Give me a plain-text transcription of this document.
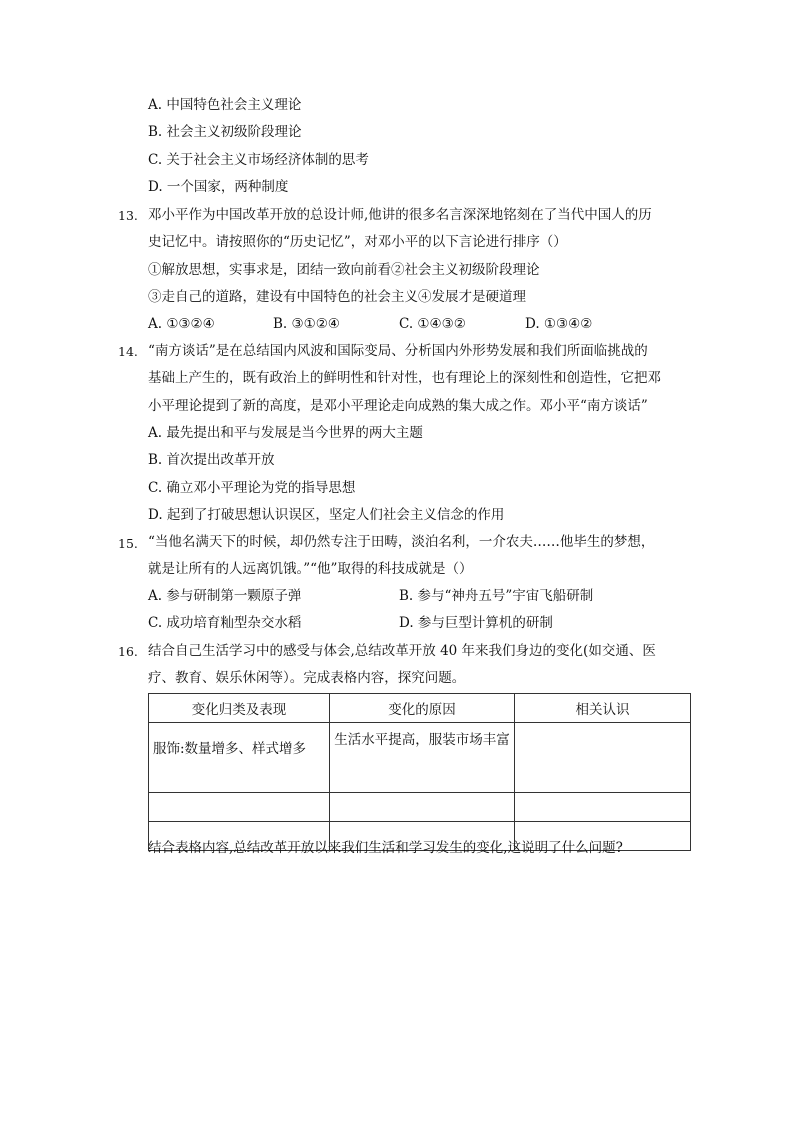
A. 中国特色社会主义理论
B. 社会主义初级阶段理论
C. 关于社会主义市场经济体制的思考
D. 一个国家，两种制度
13. 邓小平作为中国改革开放的总设计师,他讲的很多名言深深地铭刻在了当代中国人的历
史记忆中。请按照你的“历史记忆”，对邓小平的以下言论进行排序（）
①解放思想，实事求是，团结一致向前看②社会主义初级阶段理论
③走自己的道路，建设有中国特色的社会主义④发展才是硬道理
A. ①③②④	B. ③①②④	C. ①④③②	D. ①③④②
14. “南方谈话”是在总结国内风波和国际变局、分析国内外形势发展和我们所面临挑战的
基础上产生的，既有政治上的鲜明性和针对性，也有理论上的深刻性和创造性，它把邓
小平理论提到了新的高度，是邓小平理论走向成熟的集大成之作。邓小平“南方谈话”
A. 最先提出和平与发展是当今世界的两大主题
B. 首次提出改革开放
C. 确立邓小平理论为党的指导思想
D. 起到了打破思想认识误区，坚定人们社会主义信念的作用
15. “当他名满天下的时候，却仍然专注于田畴，淡泊名利，一介农夫……他毕生的梦想，
就是让所有的人远离饥饿。”“他”取得的科技成就是（）
A. 参与研制第一颗原子弹	B. 参与“神舟五号”宇宙飞船研制
C. 成功培育籼型杂交水稻	D. 参与巨型计算机的研制
16. 结合自己生活学习中的感受与体会,总结改革开放 40 年来我们身边的变化(如交通、医
疗、教育、娱乐休闲等）。完成表格内容，探究问题。
变化归类及表现	变化的原因	相关认识
服饰:数量增多、样式增多	生活水平提高，服装市场丰富	

结合表格内容,总结改革开放以来我们生活和学习发生的变化,这说明了什么问题?
